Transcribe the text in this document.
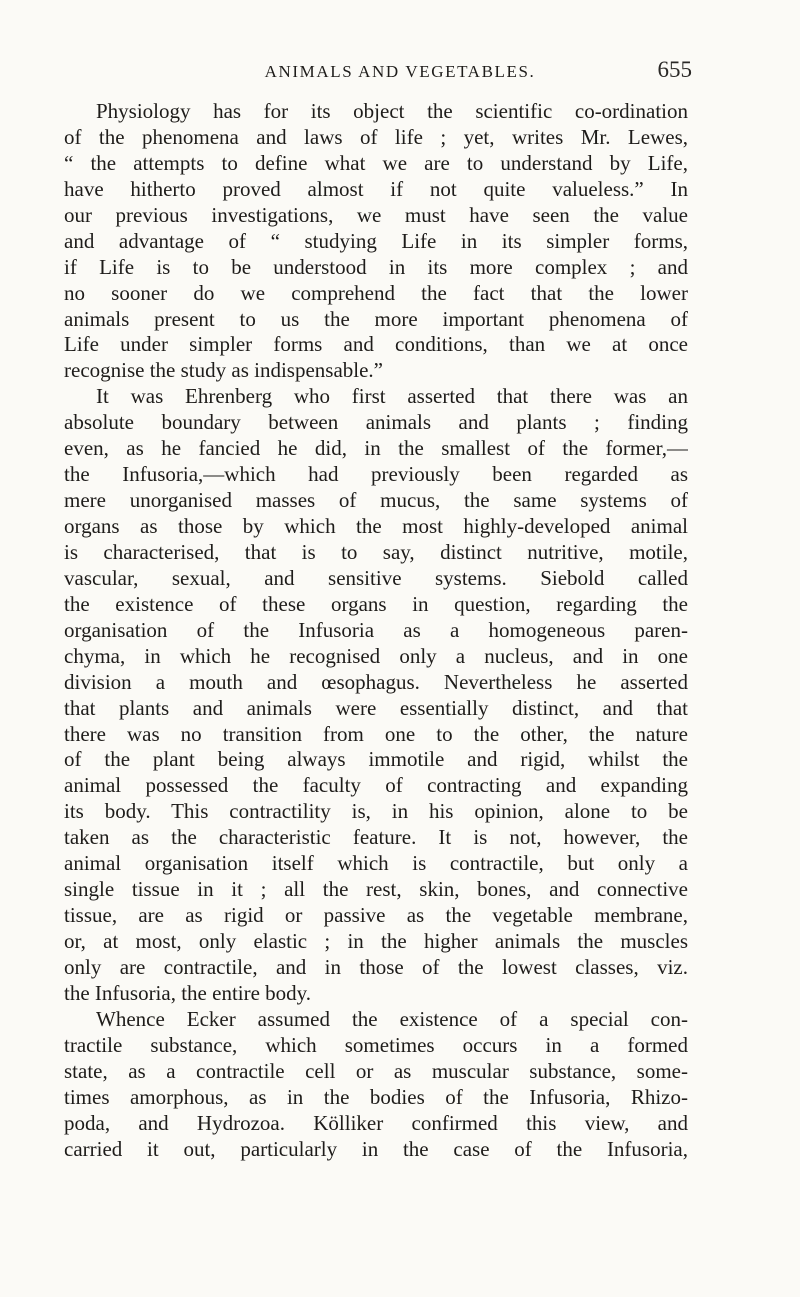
ANIMALS AND VEGETABLES.	655
Physiology has for its object the scientific co-ordination
of the phenomena and laws of life ; yet, writes Mr. Lewes,
“ the attempts to define what we are to understand by Life,
have hitherto proved almost if not quite valueless.” In
our previous investigations, we must have seen the value
and advantage of “ studying Life in its simpler forms,
if Life is to be understood in its more complex ; and
no sooner do we comprehend the fact that the lower
animals present to us the more important phenomena of
Life under simpler forms and conditions, than we at once
recognise the study as indispensable.”
It was Ehrenberg who first asserted that there was an
absolute boundary between animals and plants ; finding
even, as he fancied he did, in the smallest of the former,—
the Infusoria,—which had previously been regarded as
mere unorganised masses of mucus, the same systems of
organs as those by which the most highly-developed animal
is characterised, that is to say, distinct nutritive, motile,
vascular, sexual, and sensitive systems. Siebold called
the existence of these organs in question, regarding the
organisation of the Infusoria as a homogeneous paren-
chyma, in which he recognised only a nucleus, and in one
division a mouth and œsophagus. Nevertheless he asserted
that plants and animals were essentially distinct, and that
there was no transition from one to the other, the nature
of the plant being always immotile and rigid, whilst the
animal possessed the faculty of contracting and expanding
its body. This contractility is, in his opinion, alone to be
taken as the characteristic feature. It is not, however, the
animal organisation itself which is contractile, but only a
single tissue in it ; all the rest, skin, bones, and connective
tissue, are as rigid or passive as the vegetable membrane,
or, at most, only elastic ; in the higher animals the muscles
only are contractile, and in those of the lowest classes, viz.
the Infusoria, the entire body.
Whence Ecker assumed the existence of a special con-
tractile substance, which sometimes occurs in a formed
state, as a contractile cell or as muscular substance, some-
times amorphous, as in the bodies of the Infusoria, Rhizo-
poda, and Hydrozoa. Kölliker confirmed this view, and
carried it out, particularly in the case of the Infusoria,
